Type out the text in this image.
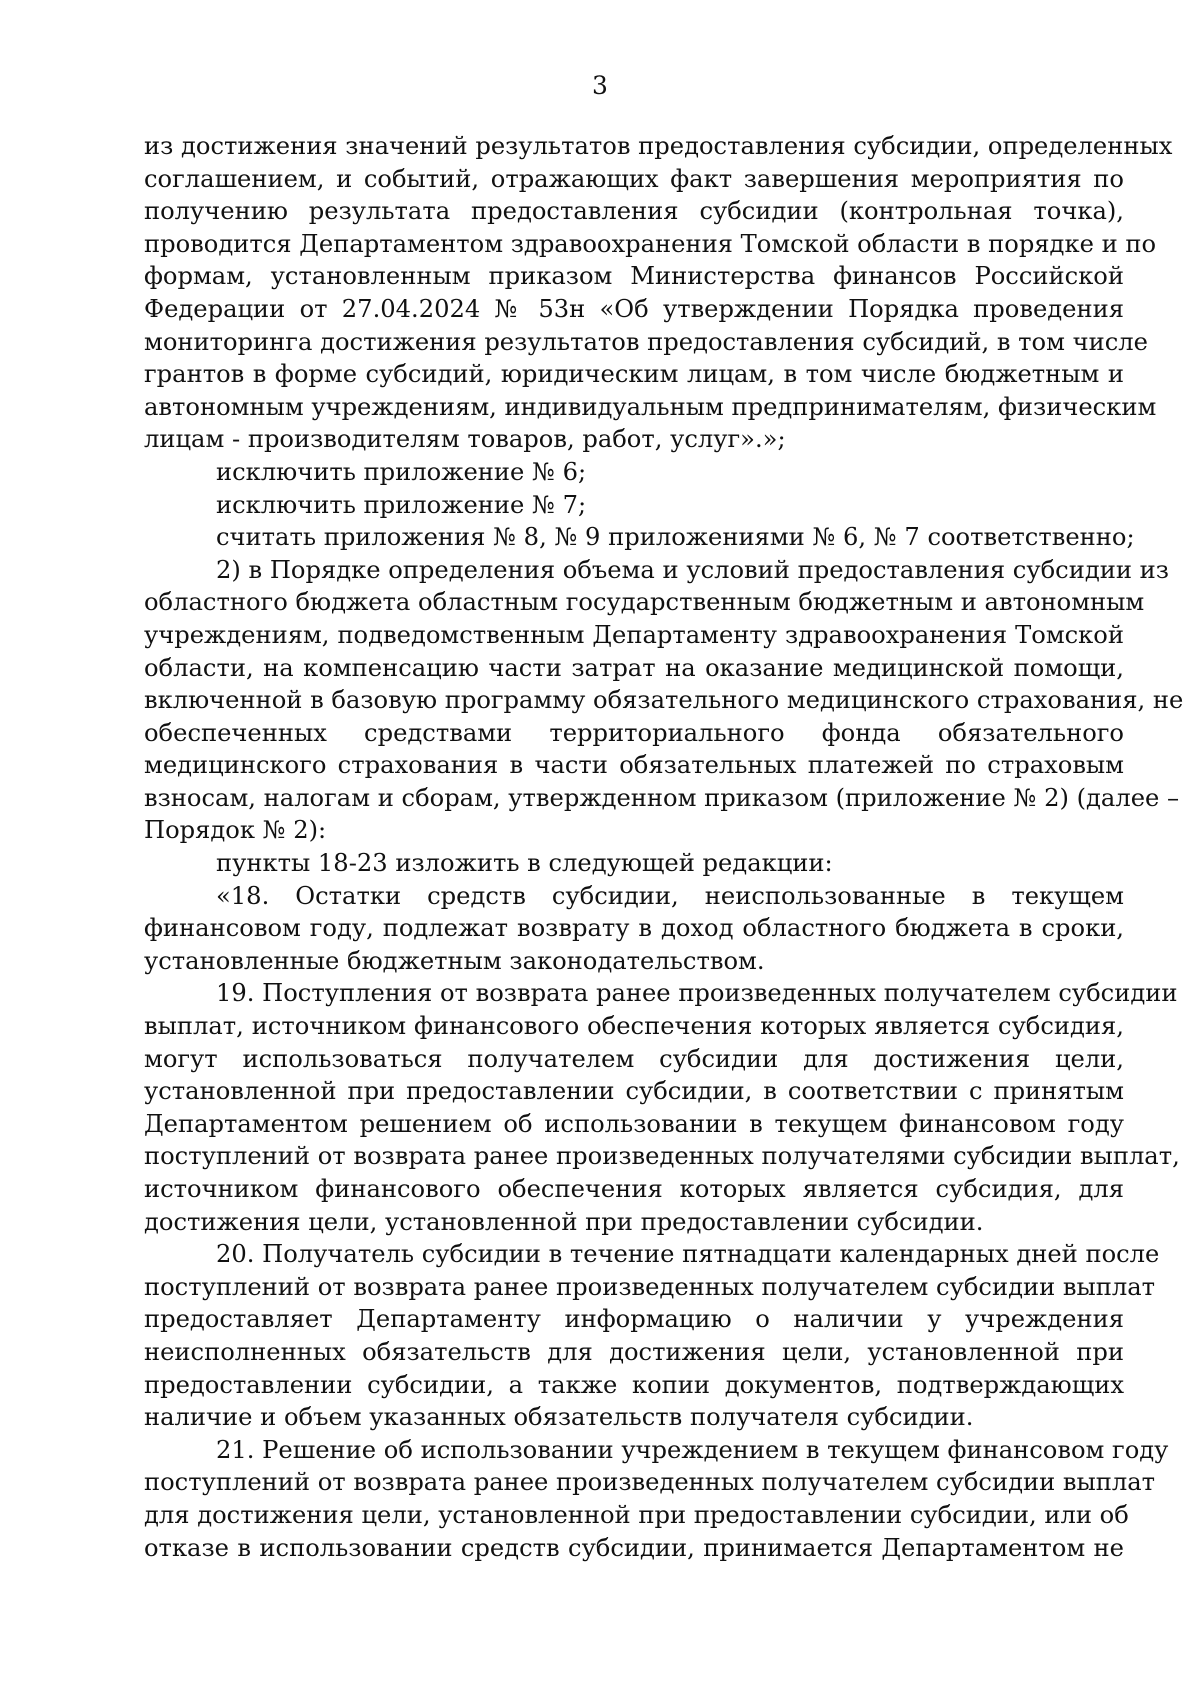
3

из достижения значений результатов предоставления субсидии, определенных
соглашением, и событий, отражающих факт завершения мероприятия по
получению результата предоставления субсидии (контрольная точка),
проводится Департаментом здравоохранения Томской области в порядке и по
формам, установленным приказом Министерства финансов Российской
Федерации от 27.04.2024 № 53н «Об утверждении Порядка проведения
мониторинга достижения результатов предоставления субсидий, в том числе
грантов в форме субсидий, юридическим лицам, в том числе бюджетным и
автономным учреждениям, индивидуальным предпринимателям, физическим
лицам - производителям товаров, работ, услуг».»;

исключить приложение № 6;

исключить приложение № 7;

считать приложения № 8, № 9 приложениями № 6, № 7 соответственно;

2) в Порядке определения объема и условий предоставления субсидии из
областного бюджета областным государственным бюджетным и автономным
учреждениям, подведомственным Департаменту здравоохранения Томской
области, на компенсацию части затрат на оказание медицинской помощи,
включенной в базовую программу обязательного медицинского страхования, не
обеспеченных средствами территориального фонда обязательного
медицинского страхования в части обязательных платежей по страховым
взносам, налогам и сборам, утвержденном приказом (приложение № 2) (далее –
Порядок № 2):

пункты 18-23 изложить в следующей редакции:

«18. Остатки средств субсидии, неиспользованные в текущем
финансовом году, подлежат возврату в доход областного бюджета в сроки,
установленные бюджетным законодательством.

19. Поступления от возврата ранее произведенных получателем субсидии
выплат, источником финансового обеспечения которых является субсидия,
могут использоваться получателем субсидии для достижения цели,
установленной при предоставлении субсидии, в соответствии с принятым
Департаментом решением об использовании в текущем финансовом году
поступлений от возврата ранее произведенных получателями субсидии выплат,
источником финансового обеспечения которых является субсидия, для
достижения цели, установленной при предоставлении субсидии.

20. Получатель субсидии в течение пятнадцати календарных дней после
поступлений от возврата ранее произведенных получателем субсидии выплат
предоставляет Департаменту информацию о наличии у учреждения
неисполненных обязательств для достижения цели, установленной при
предоставлении субсидии, а также копии документов, подтверждающих
наличие и объем указанных обязательств получателя субсидии.

21. Решение об использовании учреждением в текущем финансовом году
поступлений от возврата ранее произведенных получателем субсидии выплат
для достижения цели, установленной при предоставлении субсидии, или об
отказе в использовании средств субсидии, принимается Департаментом не
